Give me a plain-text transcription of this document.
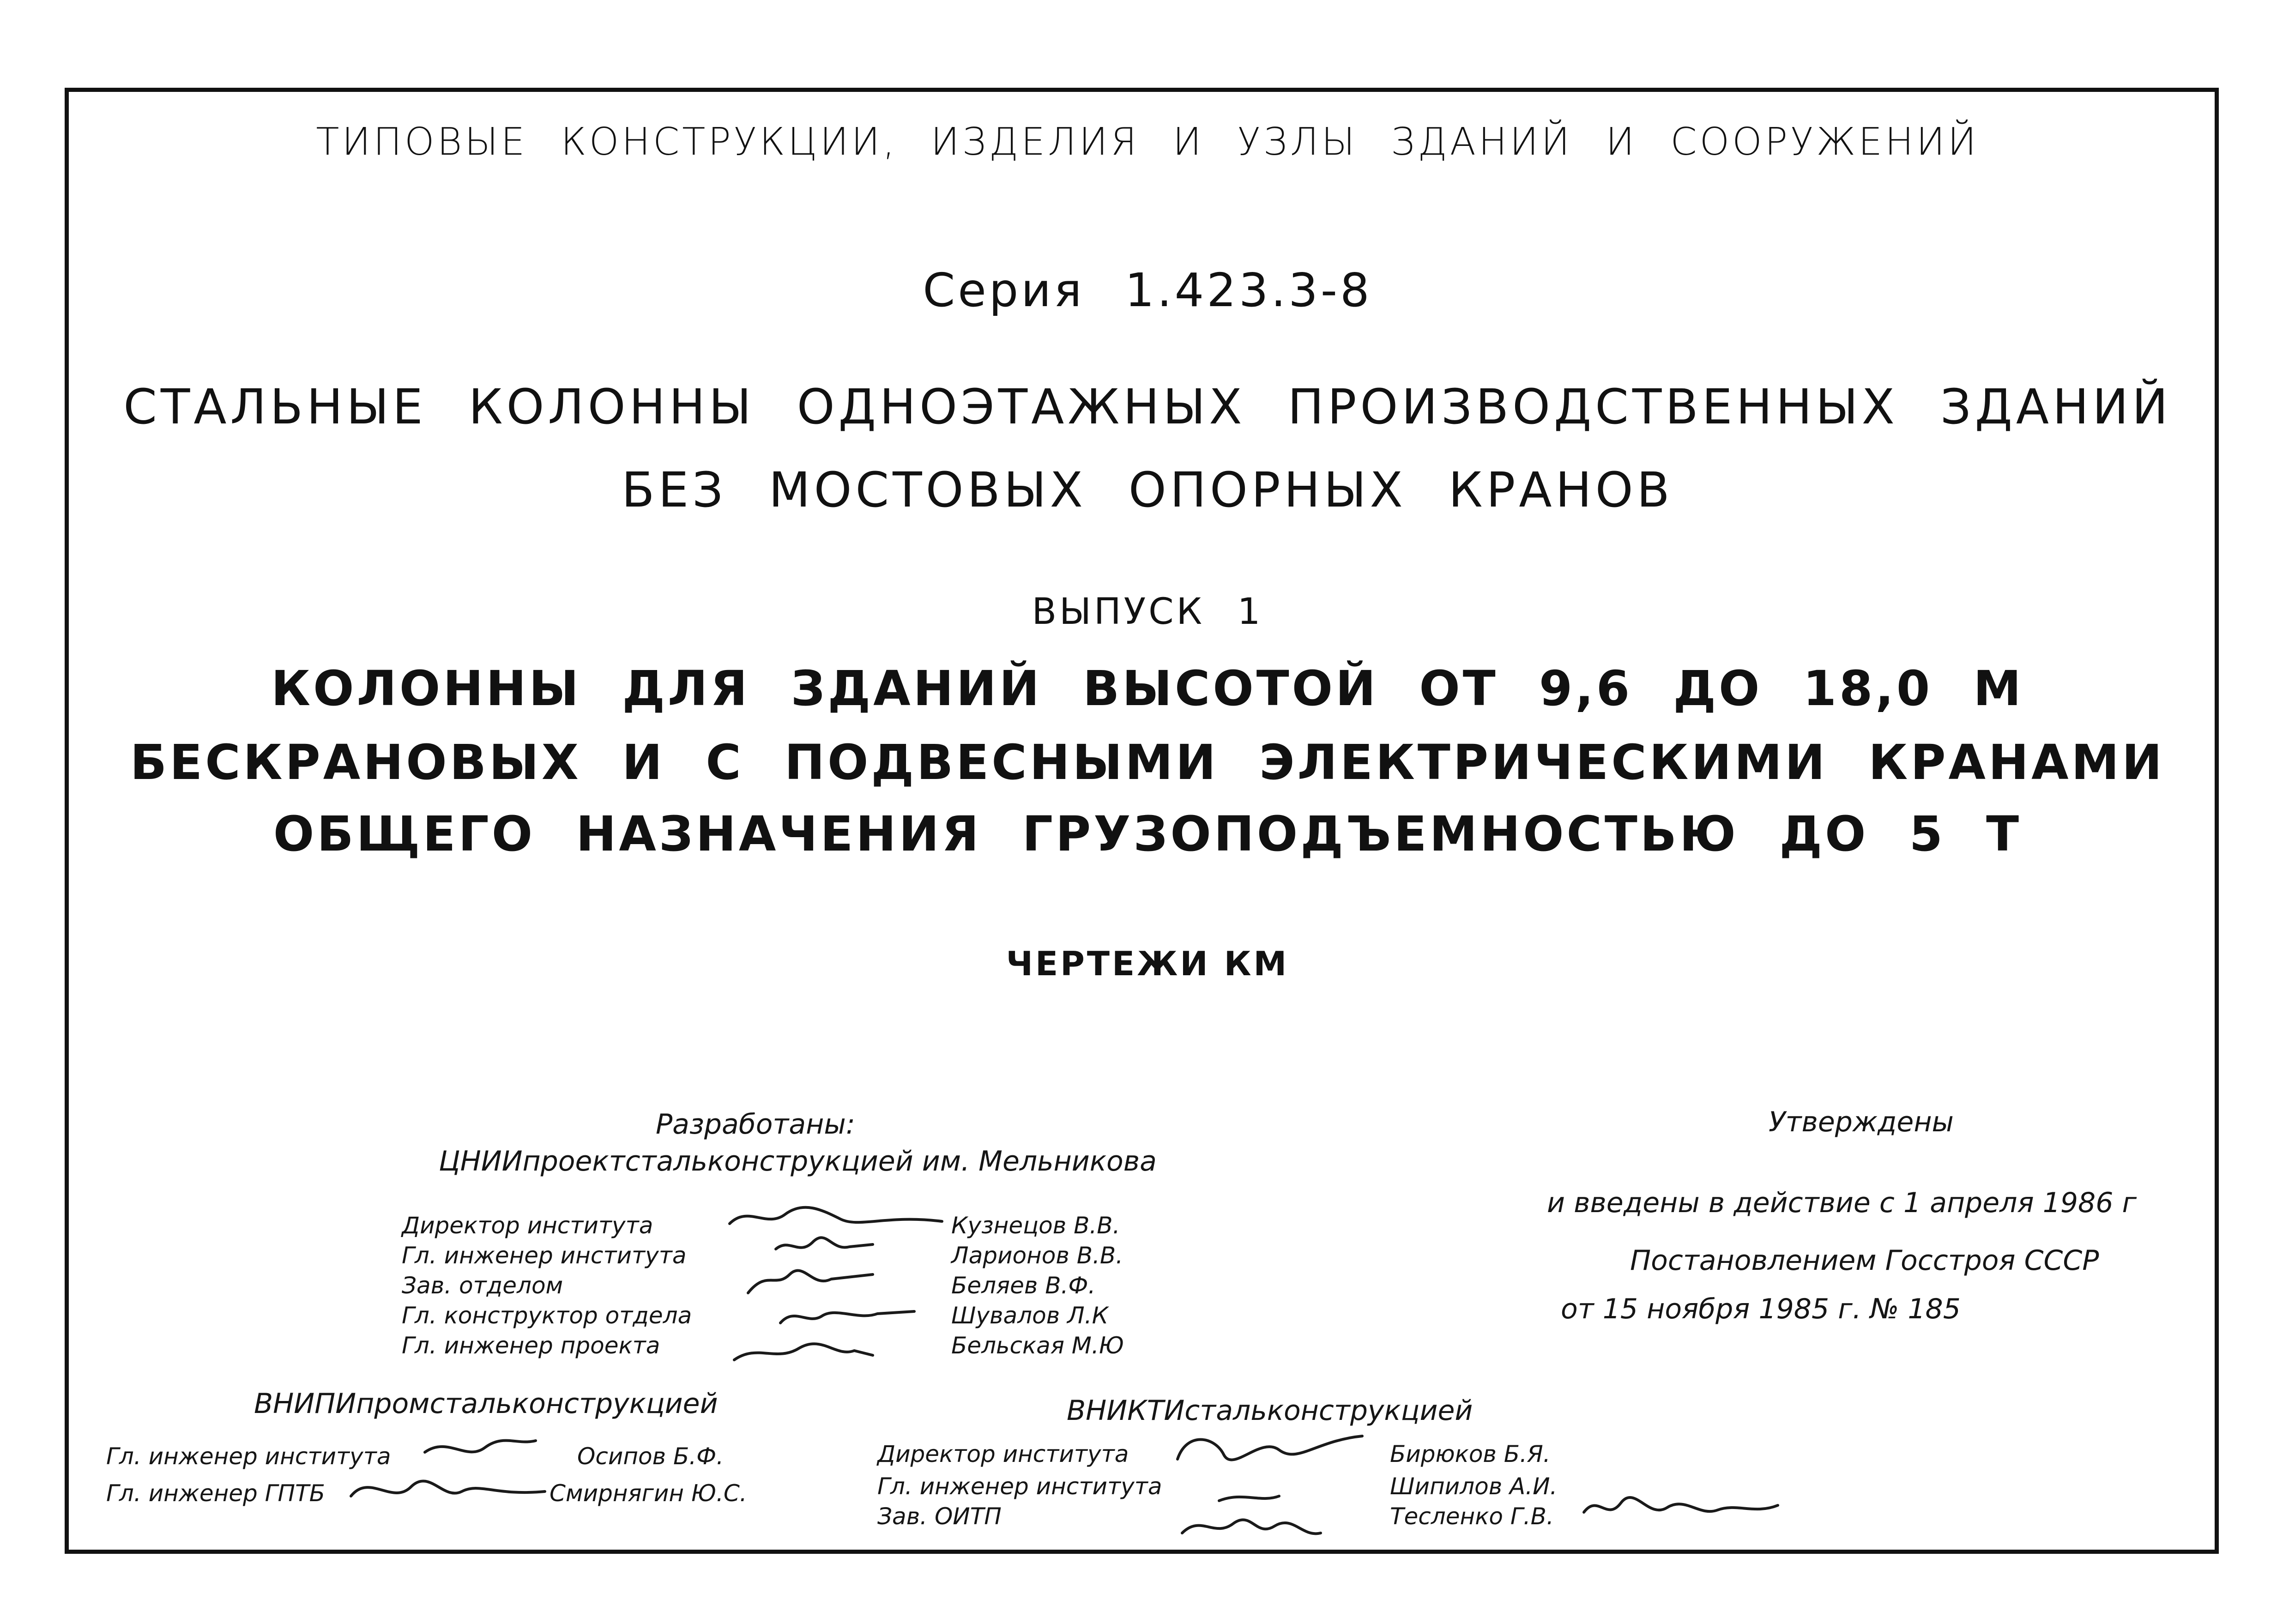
ТИПОВЫЕ КОНСТРУКЦИИ, ИЗДЕЛИЯ И УЗЛЫ ЗДАНИЙ И СООРУЖЕНИЙ
Серия 1.423.3-8
СТАЛЬНЫЕ КОЛОННЫ ОДНОЭТАЖНЫХ ПРОИЗВОДСТВЕННЫХ ЗДАНИЙ
БЕЗ МОСТОВЫХ ОПОРНЫХ КРАНОВ
ВЫПУСК 1
КОЛОННЫ ДЛЯ ЗДАНИЙ ВЫСОТОЙ ОТ 9,6 ДО 18,0 М
БЕСКРАНОВЫХ И С ПОДВЕСНЫМИ ЭЛЕКТРИЧЕСКИМИ КРАНАМИ
ОБЩЕГО НАЗНАЧЕНИЯ ГРУЗОПОДЪЕМНОСТЬЮ ДО 5 Т
ЧЕРТЕЖИ КМ
Разработаны:
ЦНИИпроектстальконструкцией им. Мельникова
Директор института
Гл. инженер института
Зав. отделом
Гл. конструктор отдела
Гл. инженер проекта
Кузнецов В.В.
Ларионов В.В.
Беляев В.Ф.
Шувалов Л.К
Бельская М.Ю
Утверждены
и введены в действие с 1 апреля 1986 г
Постановлением Госстроя СССР
от 15 ноября 1985 г. № 185
ВНИПИпромстальконструкцией
Гл. инженер института
Гл. инженер ГПТБ
Осипов Б.Ф.
Смирнягин Ю.С.
ВНИКТИстальконструкцией
Директор института
Гл. инженер института
Зав. ОИТП
Бирюков Б.Я.
Шипилов А.И.
Тесленко Г.В.
